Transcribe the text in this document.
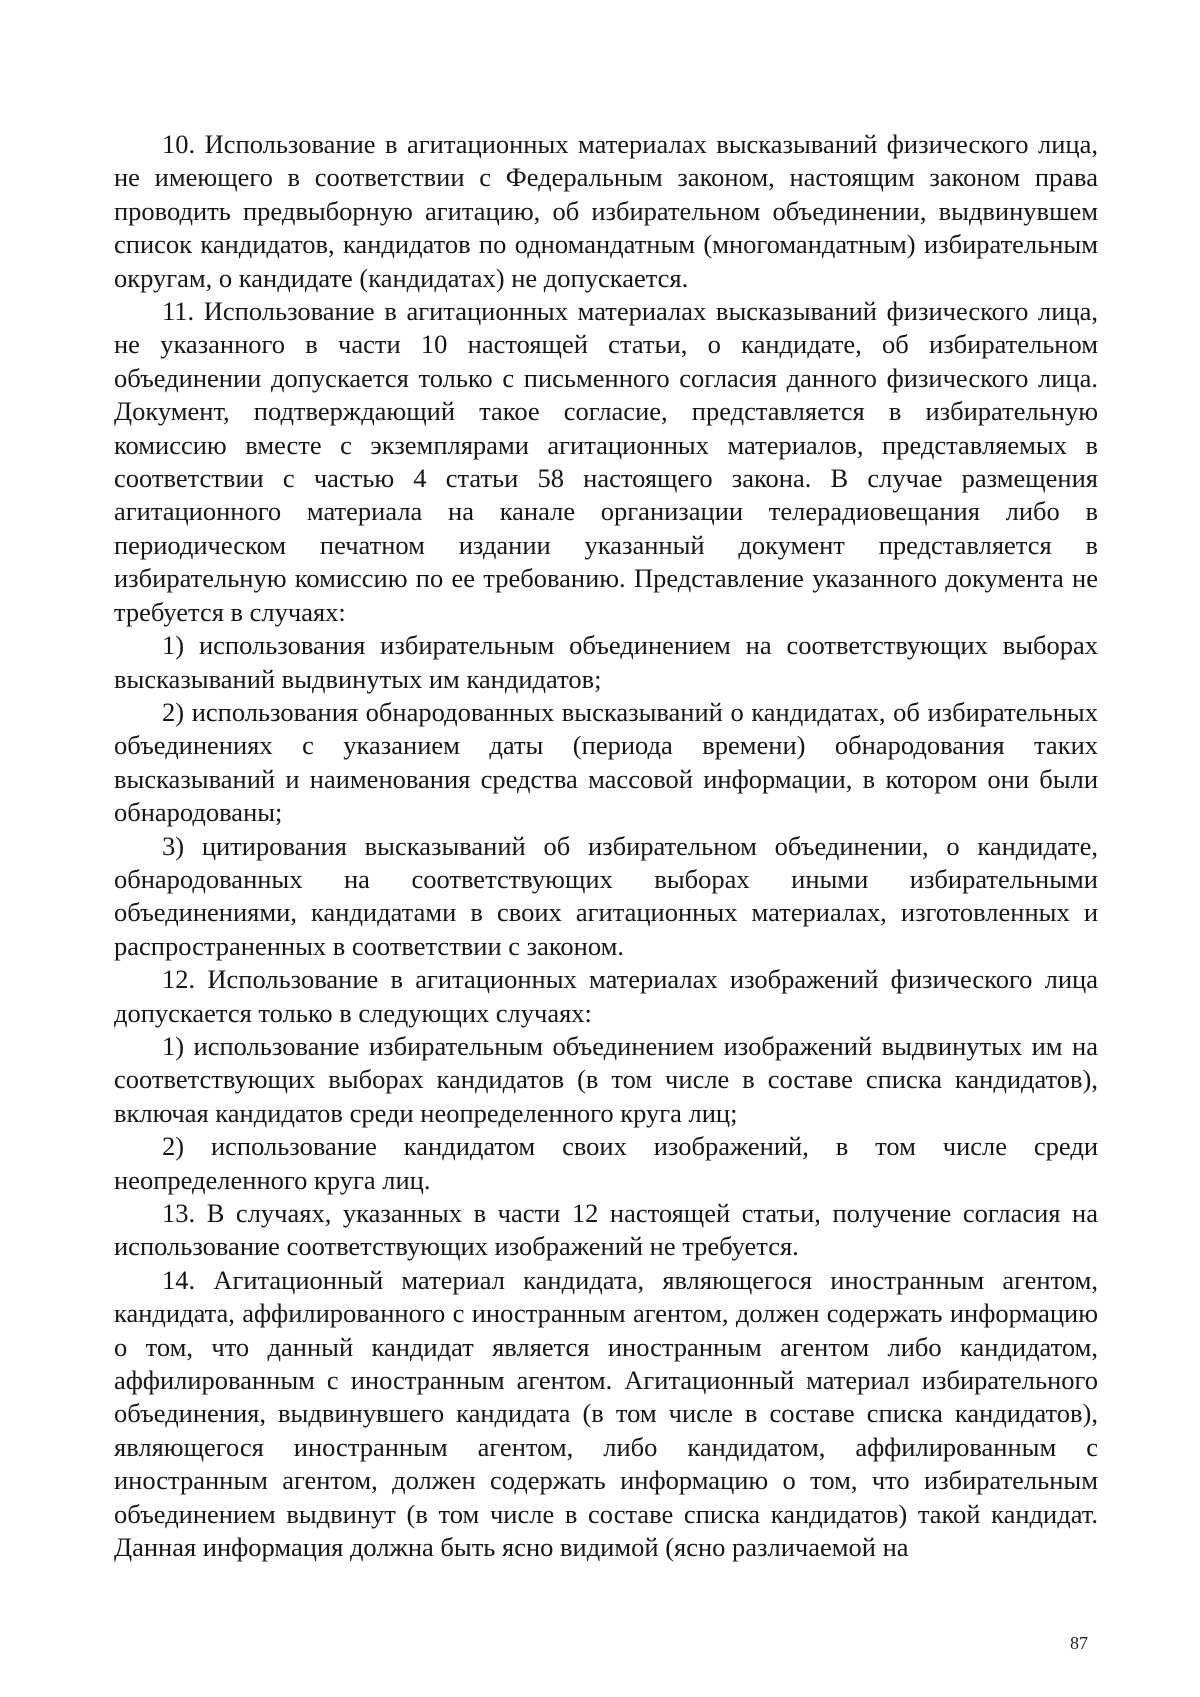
10. Использование в агитационных материалах высказываний физического лица, не имеющего в соответствии с Федеральным законом, настоящим законом права проводить предвыборную агитацию, об избирательном объединении, выдвинувшем список кандидатов, кандидатов по одномандатным (многомандатным) избирательным округам, о кандидате (кандидатах) не допускается.

11. Использование в агитационных материалах высказываний физического лица, не указанного в части 10 настоящей статьи, о кандидате, об избирательном объединении допускается только с письменного согласия данного физического лица. Документ, подтверждающий такое согласие, представляется в избирательную комиссию вместе с экземплярами агитационных материалов, представляемых в соответствии с частью 4 статьи 58 настоящего закона. В случае размещения агитационного материала на канале организации телерадиовещания либо в периодическом печатном издании указанный документ представляется в избирательную комиссию по ее требованию. Представление указанного документа не требуется в случаях:

1) использования избирательным объединением на соответствующих выборах высказываний выдвинутых им кандидатов;

2) использования обнародованных высказываний о кандидатах, об избирательных объединениях с указанием даты (периода времени) обнародования таких высказываний и наименования средства массовой информации, в котором они были обнародованы;

3) цитирования высказываний об избирательном объединении, о кандидате, обнародованных на соответствующих выборах иными избирательными объединениями, кандидатами в своих агитационных материалах, изготовленных и распространенных в соответствии с законом.

12. Использование в агитационных материалах изображений физического лица допускается только в следующих случаях:

1) использование избирательным объединением изображений выдвинутых им на соответствующих выборах кандидатов (в том числе в составе списка кандидатов), включая кандидатов среди неопределенного круга лиц;

2) использование кандидатом своих изображений, в том числе среди неопределенного круга лиц.

13. В случаях, указанных в части 12 настоящей статьи, получение согласия на использование соответствующих изображений не требуется.

14. Агитационный материал кандидата, являющегося иностранным агентом, кандидата, аффилированного с иностранным агентом, должен содержать информацию о том, что данный кандидат является иностранным агентом либо кандидатом, аффилированным с иностранным агентом. Агитационный материал избирательного объединения, выдвинувшего кандидата (в том числе в составе списка кандидатов), являющегося иностранным агентом, либо кандидатом, аффилированным с иностранным агентом, должен содержать информацию о том, что избирательным объединением выдвинут (в том числе в составе списка кандидатов) такой кандидат. Данная информация должна быть ясно видимой (ясно различаемой на

87
